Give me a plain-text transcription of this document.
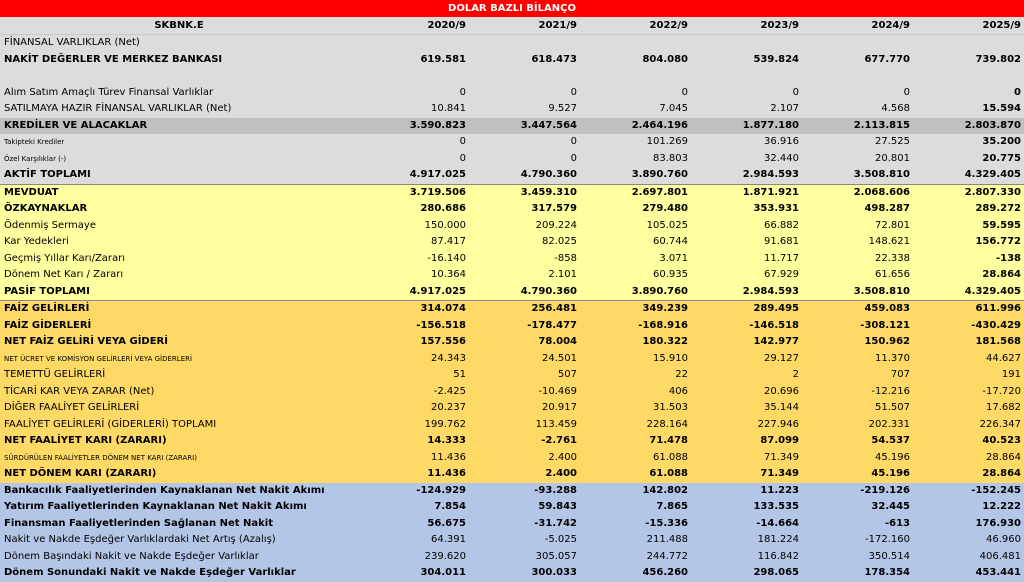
DOLAR BAZLI BİLANÇO
SKBNK.E	2020/9	2021/9	2022/9	2023/9	2024/9	2025/9
FİNANSAL VARLIKLAR (Net)						
NAKİT DEĞERLER VE MERKEZ BANKASI	619.581	618.473	804.080	539.824	677.770	739.802

Alım Satım Amaçlı Türev Finansal Varlıklar	0	0	0	0	0	0
SATILMAYA HAZIR FİNANSAL VARLIKLAR (Net)	10.841	9.527	7.045	2.107	4.568	15.594
KREDİLER VE ALACAKLAR	3.590.823	3.447.564	2.464.196	1.877.180	2.113.815	2.803.870
Takipteki Krediler	0	0	101.269	36.916	27.525	35.200
Özel Karşılıklar (-)	0	0	83.803	32.440	20.801	20.775
AKTİF TOPLAMI	4.917.025	4.790.360	3.890.760	2.984.593	3.508.810	4.329.405
MEVDUAT	3.719.506	3.459.310	2.697.801	1.871.921	2.068.606	2.807.330
ÖZKAYNAKLAR	280.686	317.579	279.480	353.931	498.287	289.272
Ödenmiş Sermaye	150.000	209.224	105.025	66.882	72.801	59.595
Kar Yedekleri	87.417	82.025	60.744	91.681	148.621	156.772
Geçmiş Yıllar Karı/Zararı	-16.140	-858	3.071	11.717	22.338	-138
Dönem Net Karı / Zararı	10.364	2.101	60.935	67.929	61.656	28.864
PASİF TOPLAMI	4.917.025	4.790.360	3.890.760	2.984.593	3.508.810	4.329.405
FAİZ GELİRLERİ	314.074	256.481	349.239	289.495	459.083	611.996
FAİZ GİDERLERİ	-156.518	-178.477	-168.916	-146.518	-308.121	-430.429
NET FAİZ GELİRİ VEYA GİDERİ	157.556	78.004	180.322	142.977	150.962	181.568
NET ÜCRET VE KOMİSYON GELİRLERİ VEYA GİDERLERİ	24.343	24.501	15.910	29.127	11.370	44.627
TEMETTÜ GELİRLERİ	51	507	22	2	707	191
TİCARİ KAR VEYA ZARAR (Net)	-2.425	-10.469	406	20.696	-12.216	-17.720
DİĞER FAALİYET GELİRLERİ	20.237	20.917	31.503	35.144	51.507	17.682
FAALİYET GELİRLERİ (GİDERLERİ) TOPLAMI	199.762	113.459	228.164	227.946	202.331	226.347
NET FAALİYET KARI (ZARARI)	14.333	-2.761	71.478	87.099	54.537	40.523
SÜRDÜRÜLEN FAALİYETLER DÖNEM NET KARI (ZARARI)	11.436	2.400	61.088	71.349	45.196	28.864
NET DÖNEM KARI (ZARARI)	11.436	2.400	61.088	71.349	45.196	28.864
Bankacılık Faaliyetlerinden Kaynaklanan Net Nakit Akımı	-124.929	-93.288	142.802	11.223	-219.126	-152.245
Yatırım Faaliyetlerinden Kaynaklanan Net Nakit Akımı	7.854	59.843	7.865	133.535	32.445	12.222
Finansman Faaliyetlerinden Sağlanan Net Nakit	56.675	-31.742	-15.336	-14.664	-613	176.930
Nakit ve Nakde Eşdeğer Varlıklardaki Net Artış (Azalış)	64.391	-5.025	211.488	181.224	-172.160	46.960
Dönem Başındaki Nakit ve Nakde Eşdeğer Varlıklar	239.620	305.057	244.772	116.842	350.514	406.481
Dönem Sonundaki Nakit ve Nakde Eşdeğer Varlıklar	304.011	300.033	456.260	298.065	178.354	453.441
